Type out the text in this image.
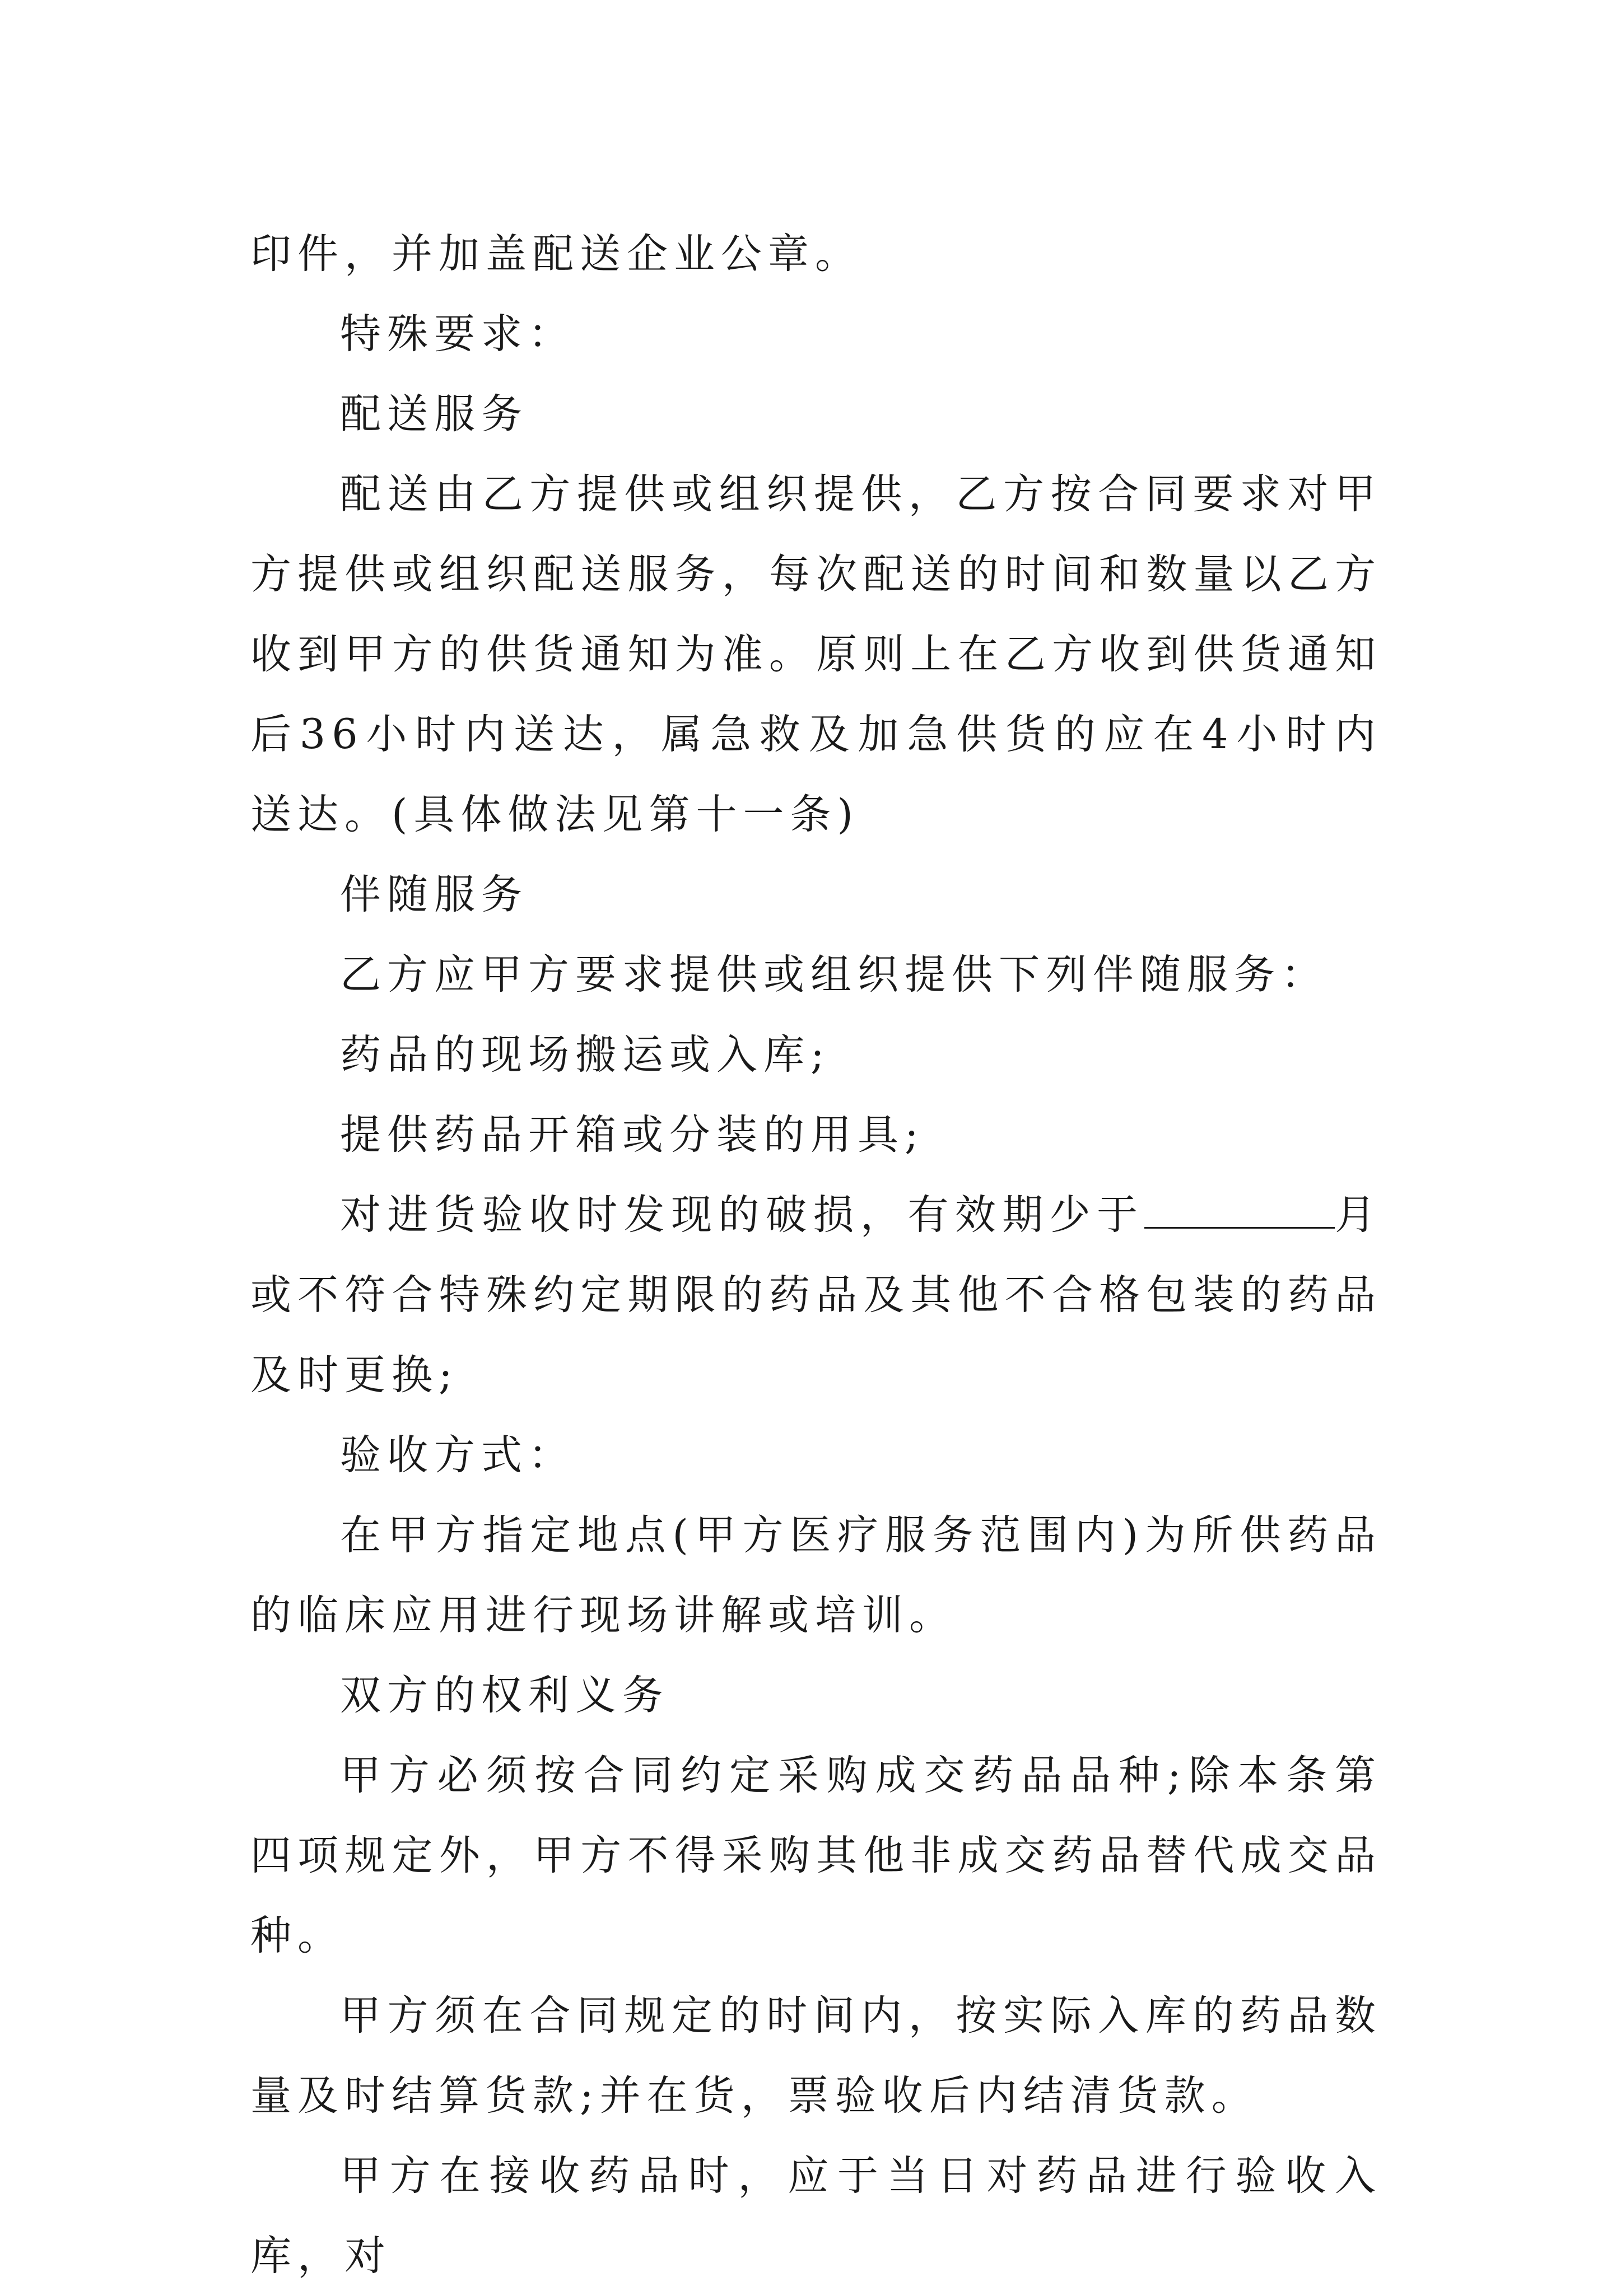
印件，并加盖配送企业公章。

特殊要求：

配送服务

配送由乙方提供或组织提供，乙方按合同要求对甲方提供或组织配送服务，每次配送的时间和数量以乙方收到甲方的供货通知为准。原则上在乙方收到供货通知后36小时内送达，属急救及加急供货的应在4小时内送达。(具体做法见第十一条)

伴随服务

乙方应甲方要求提供或组织提供下列伴随服务：

药品的现场搬运或入库;

提供药品开箱或分装的用具;

对进货验收时发现的破损，有效期少于	月或不符合特殊约定期限的药品及其他不合格包装的药品及时更换;

验收方式：

在甲方指定地点(甲方医疗服务范围内)为所供药品的临床应用进行现场讲解或培训。

双方的权利义务

甲方必须按合同约定采购成交药品品种;除本条第四项规定外，甲方不得采购其他非成交药品替代成交品种。

甲方须在合同规定的时间内，按实际入库的药品数量及时结算货款;并在货，票验收后内结清货款。

甲方在接收药品时，应于当日对药品进行验收入库，对
